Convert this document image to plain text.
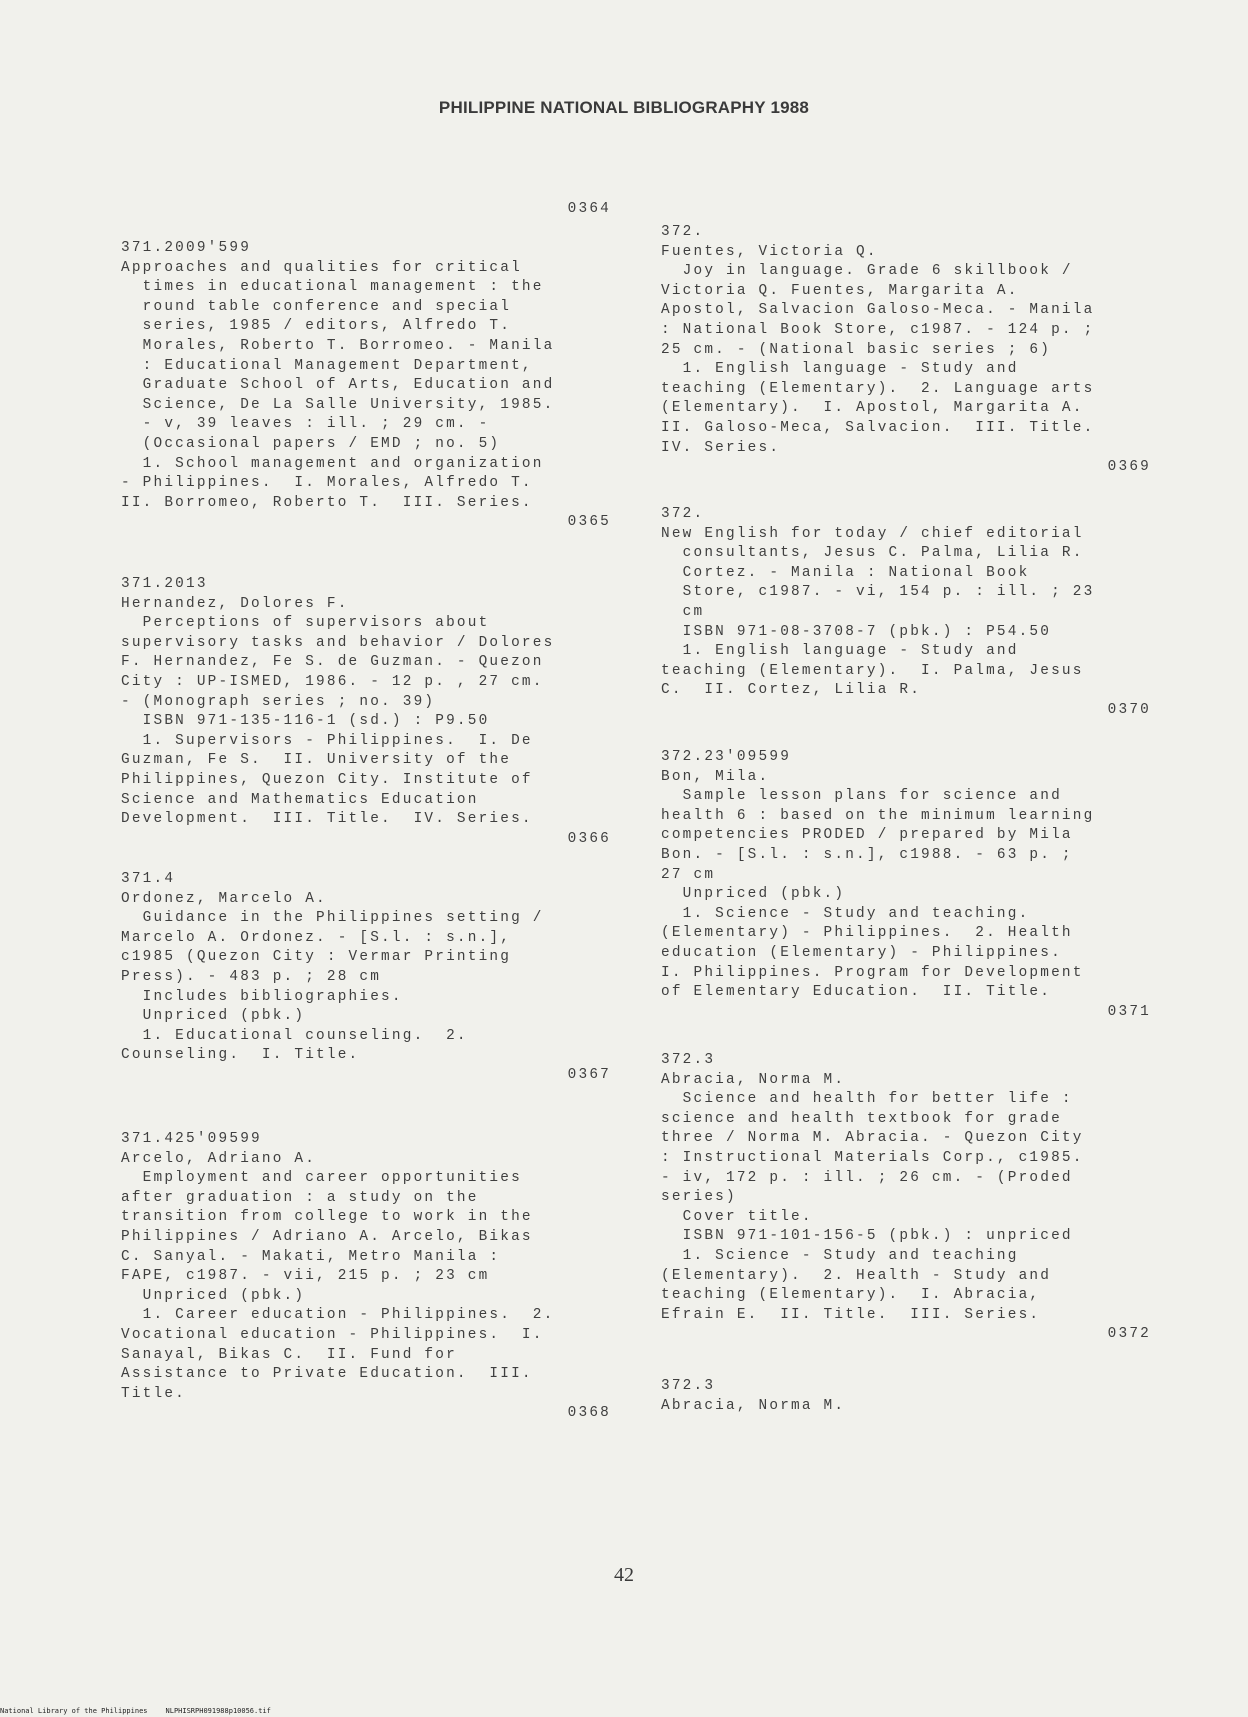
PHILIPPINE NATIONAL BIBLIOGRAPHY 1988
0364
371.2009'599
Approaches and qualities for critical
times in educational management : the
round table conference and special
series, 1985 / editors, Alfredo T.
Morales, Roberto T. Borromeo. - Manila
: Educational Management Department,
Graduate School of Arts, Education and
Science, De La Salle University, 1985.
- v, 39 leaves : ill. ; 29 cm. -
(Occasional papers / EMD ; no. 5)
1. School management and organization
- Philippines.  I. Morales, Alfredo T.
II. Borromeo, Roberto T.  III. Series.
0365
371.2013
Hernandez, Dolores F.
Perceptions of supervisors about
supervisory tasks and behavior / Dolores
F. Hernandez, Fe S. de Guzman. - Quezon
City : UP-ISMED, 1986. - 12 p. , 27 cm.
- (Monograph series ; no. 39)
ISBN 971-135-116-1 (sd.) : P9.50
1. Supervisors - Philippines.  I. De
Guzman, Fe S.  II. University of the
Philippines, Quezon City. Institute of
Science and Mathematics Education
Development.  III. Title.  IV. Series.
0366
371.4
Ordonez, Marcelo A.
Guidance in the Philippines setting /
Marcelo A. Ordonez. - [S.l. : s.n.],
c1985 (Quezon City : Vermar Printing
Press). - 483 p. ; 28 cm
Includes bibliographies.
Unpriced (pbk.)
1. Educational counseling.  2.
Counseling.  I. Title.
0367
371.425'09599
Arcelo, Adriano A.
Employment and career opportunities
after graduation : a study on the
transition from college to work in the
Philippines / Adriano A. Arcelo, Bikas
C. Sanyal. - Makati, Metro Manila :
FAPE, c1987. - vii, 215 p. ; 23 cm
Unpriced (pbk.)
1. Career education - Philippines.  2.
Vocational education - Philippines.  I.
Sanayal, Bikas C.  II. Fund for
Assistance to Private Education.  III.
Title.
0368
372.
Fuentes, Victoria Q.
Joy in language. Grade 6 skillbook /
Victoria Q. Fuentes, Margarita A.
Apostol, Salvacion Galoso-Meca. - Manila
: National Book Store, c1987. - 124 p. ;
25 cm. - (National basic series ; 6)
1. English language - Study and
teaching (Elementary).  2. Language arts
(Elementary).  I. Apostol, Margarita A.
II. Galoso-Meca, Salvacion.  III. Title.
IV. Series.
0369
372.
New English for today / chief editorial
consultants, Jesus C. Palma, Lilia R.
Cortez. - Manila : National Book
Store, c1987. - vi, 154 p. : ill. ; 23
cm
ISBN 971-08-3708-7 (pbk.) : P54.50
1. English language - Study and
teaching (Elementary).  I. Palma, Jesus
C.  II. Cortez, Lilia R.
0370
372.23'09599
Bon, Mila.
Sample lesson plans for science and
health 6 : based on the minimum learning
competencies PRODED / prepared by Mila
Bon. - [S.l. : s.n.], c1988. - 63 p. ;
27 cm
Unpriced (pbk.)
1. Science - Study and teaching.
(Elementary) - Philippines.  2. Health
education (Elementary) - Philippines.
I. Philippines. Program for Development
of Elementary Education.  II. Title.
0371
372.3
Abracia, Norma M.
Science and health for better life :
science and health textbook for grade
three / Norma M. Abracia. - Quezon City
: Instructional Materials Corp., c1985.
- iv, 172 p. : ill. ; 26 cm. - (Proded
series)
Cover title.
ISBN 971-101-156-5 (pbk.) : unpriced
1. Science - Study and teaching
(Elementary).  2. Health - Study and
teaching (Elementary).  I. Abracia,
Efrain E.  II. Title.  III. Series.
0372
372.3
Abracia, Norma M.
42
National Library of the Philippines	NLPHISRPH091988p10056.tif
